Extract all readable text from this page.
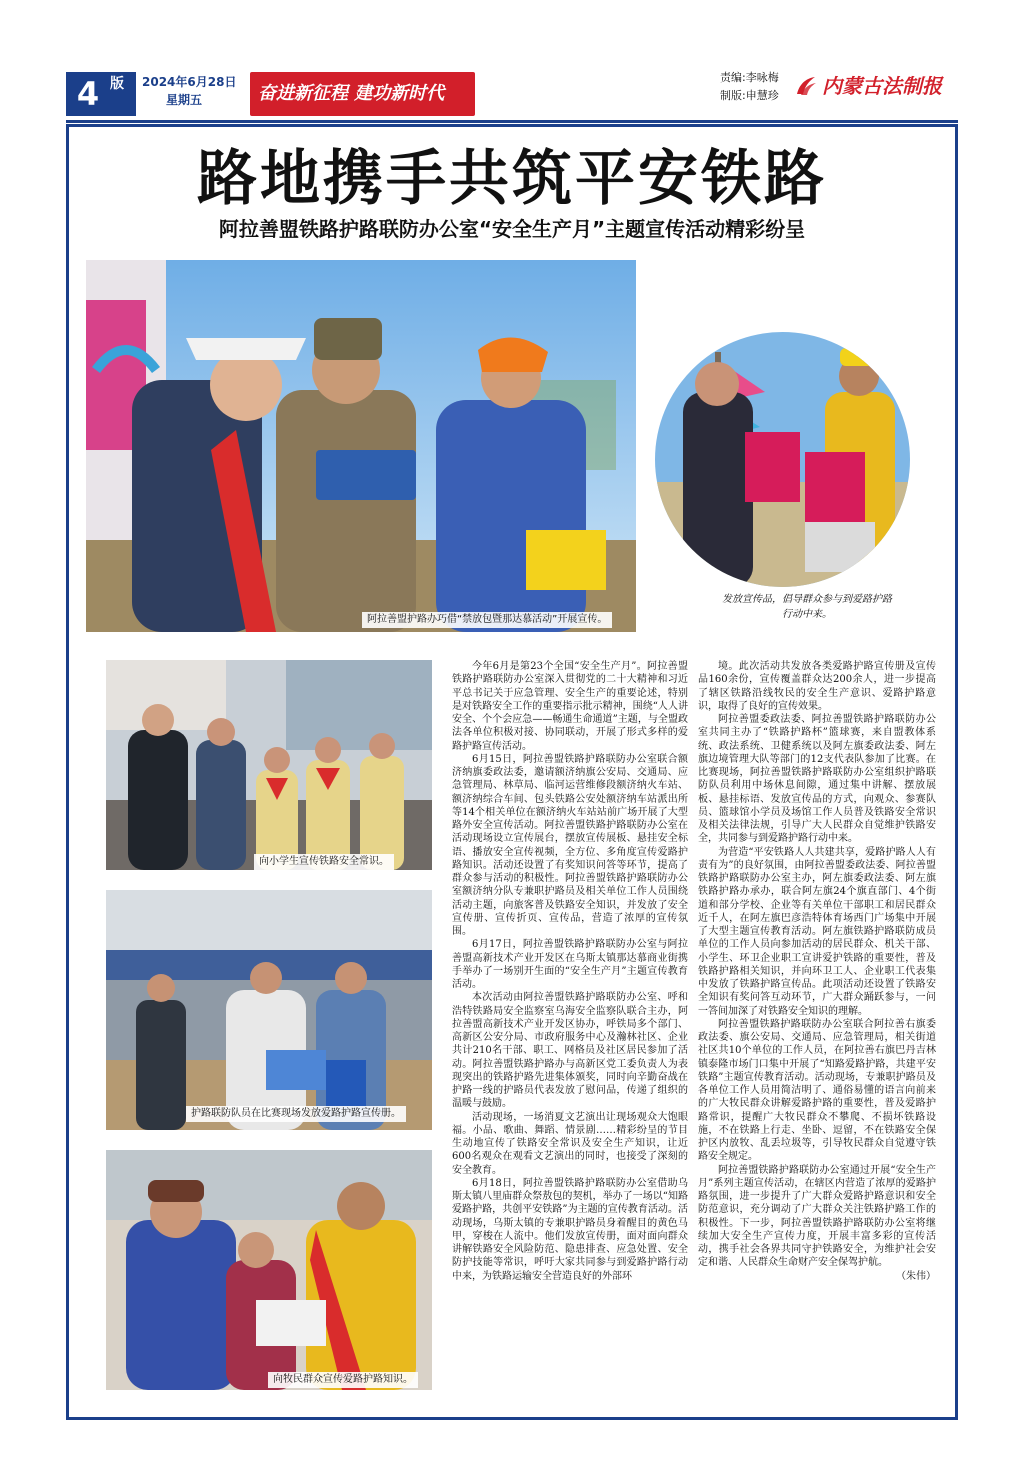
4 版	2024年6月28日
星期五	奋进新征程 建功新时代
责编:李咏梅
制版:申慧珍 内蒙古法制报
路地携手共筑平安铁路
阿拉善盟铁路护路联防办公室“安全生产月”主题宣传活动精彩纷呈
阿拉善盟护路办巧借“禁放包暨那达慕活动”开展宣传。
发放宣传品，倡导群众参与到爱路护路行动中来。
向小学生宣传铁路安全常识。
护路联防队员在比赛现场发放爱路护路宣传册。
向牧民群众宣传爱路护路知识。

今年6月是第23个全国“安全生产月”。阿拉善盟铁路护路联防办公室深入贯彻党的二十大精神和习近平总书记关于应急管理、安全生产的重要论述，特别是对铁路安全工作的重要指示批示精神，围绕“人人讲安全、个个会应急——畅通生命通道”主题，与全盟政法各单位积极对接、协同联动，开展了形式多样的爱路护路宣传活动。

6月15日，阿拉善盟铁路护路联防办公室联合额济纳旗委政法委，邀请额济纳旗公安局、交通局、应急管理局、林草局、临河运营维修段额济纳火车站、额济纳综合车间、包头铁路公安处额济纳车站派出所等14个相关单位在额济纳火车站站前广场开展了大型路外安全宣传活动。阿拉善盟铁路护路联防办公室在活动现场设立宣传展台，摆放宣传展板、悬挂安全标语、播放安全宣传视频，全方位、多角度宣传爱路护路知识。活动还设置了有奖知识问答等环节，提高了群众参与活动的积极性。阿拉善盟铁路护路联防办公室额济纳分队专兼职护路员及相关单位工作人员围绕活动主题，向旅客普及铁路安全知识，并发放了安全宣传册、宣传折页、宣传品，营造了浓厚的宣传氛围。

6月17日，阿拉善盟铁路护路联防办公室与阿拉善盟高新技术产业开发区在乌斯太镇那达慕商业街携手举办了一场别开生面的“安全生产月”主题宣传教育活动。

本次活动由阿拉善盟铁路护路联防办公室、呼和浩特铁路局安全监察室乌海安全监察队联合主办，阿拉善盟高新技术产业开发区协办，呼铁局多个部门、高新区公安分局、市政府服务中心及瀚林社区、企业共计210名干部、职工、网格员及社区居民参加了活动。阿拉善盟铁路护路办与高新区党工委负责人为表现突出的铁路护路先进集体颁奖，同时向辛勤奋战在护路一线的护路员代表发放了慰问品，传递了组织的温暖与鼓励。

活动现场，一场消夏文艺演出让现场观众大饱眼福。小品、歌曲、舞蹈、情景剧……精彩纷呈的节目生动地宣传了铁路安全常识及安全生产知识，让近600名观众在观看文艺演出的同时，也接受了深刻的安全教育。

6月18日，阿拉善盟铁路护路联防办公室借助乌斯太镇八里庙群众祭敖包的契机，举办了一场以“知路爱路护路，共创平安铁路”为主题的宣传教育活动。活动现场，乌斯太镇的专兼职护路员身着醒目的黄色马甲，穿梭在人流中。他们发放宣传册，面对面向群众讲解铁路安全风险防范、隐患排查、应急处置、安全防护技能等常识，呼吁大家共同参与到爱路护路行动中来，为铁路运输安全营造良好的外部环

境。此次活动共发放各类爱路护路宣传册及宣传品160余份，宣传覆盖群众达200余人，进一步提高了辖区铁路沿线牧民的安全生产意识、爱路护路意识，取得了良好的宣传效果。

阿拉善盟委政法委、阿拉善盟铁路护路联防办公室共同主办了“铁路护路杯”篮球赛，来自盟教体系统、政法系统、卫健系统以及阿左旗委政法委、阿左旗边境管理大队等部门的12支代表队参加了比赛。在比赛现场，阿拉善盟铁路护路联防办公室组织护路联防队员利用中场休息间隙，通过集中讲解、摆放展板、悬挂标语、发放宣传品的方式，向观众、参赛队员、篮球馆小学员及场馆工作人员普及铁路安全常识及相关法律法规，引导广大人民群众自觉维护铁路安全，共同参与到爱路护路行动中来。

为营造“平安铁路人人共建共享，爱路护路人人有责有为”的良好氛围，由阿拉善盟委政法委、阿拉善盟铁路护路联防办公室主办，阿左旗委政法委、阿左旗铁路护路办承办，联合阿左旗24个旗直部门、4个街道和部分学校、企业等有关单位干部职工和居民群众近千人，在阿左旗巴彦浩特体育场西门广场集中开展了大型主题宣传教育活动。阿左旗铁路护路联防成员单位的工作人员向参加活动的居民群众、机关干部、小学生、环卫企业职工宣讲爱护铁路的重要性，普及铁路护路相关知识，并向环卫工人、企业职工代表集中发放了铁路护路宣传品。此项活动还设置了铁路安全知识有奖问答互动环节，广大群众踊跃参与，一问一答间加深了对铁路安全知识的理解。

阿拉善盟铁路护路联防办公室联合阿拉善右旗委政法委、旗公安局、交通局、应急管理局，相关街道社区共10个单位的工作人员，在阿拉善右旗巴丹吉林镇泰隆市场门口集中开展了“知路爱路护路，共建平安铁路”主题宣传教育活动。活动现场，专兼职护路员及各单位工作人员用简洁明了、通俗易懂的语言向前来的广大牧民群众讲解爱路护路的重要性，普及爱路护路常识，提醒广大牧民群众不攀爬、不损坏铁路设施，不在铁路上行走、坐卧、逗留，不在铁路安全保护区内放牧、乱丢垃圾等，引导牧民群众自觉遵守铁路安全规定。

阿拉善盟铁路护路联防办公室通过开展“安全生产月”系列主题宣传活动，在辖区内营造了浓厚的爱路护路氛围，进一步提升了广大群众爱路护路意识和安全防范意识，充分调动了广大群众关注铁路护路工作的积极性。下一步，阿拉善盟铁路护路联防办公室将继续加大安全生产宣传力度，开展丰富多彩的宣传活动，携手社会各界共同守护铁路安全，为维护社会安定和谐、人民群众生命财产安全保驾护航。

（朱伟）
